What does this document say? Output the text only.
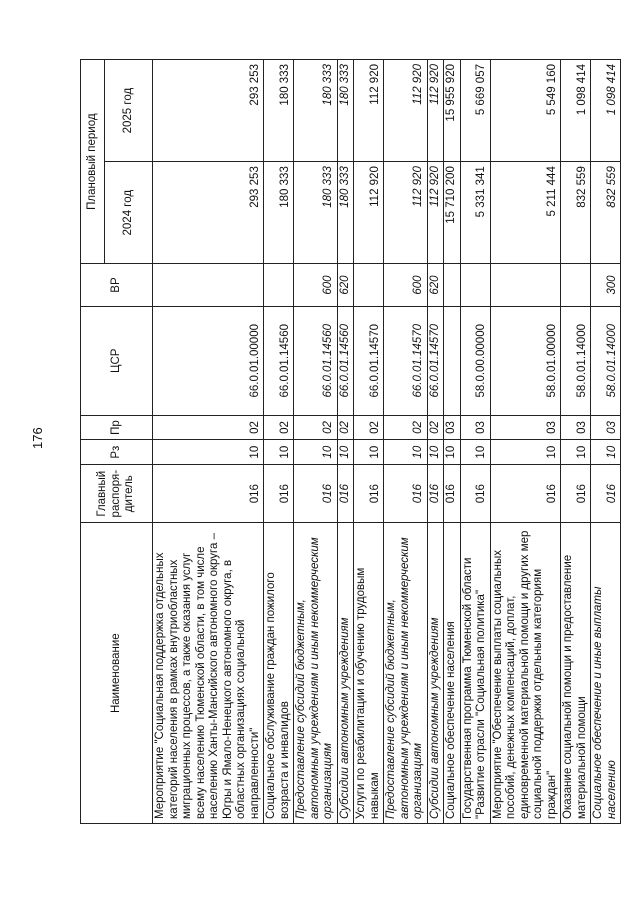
176
Наименование	Главный распоря-дитель	Рз	Пр	ЦСР	ВР	Плановый период	
						2024 год	2025 год
Мероприятие "Социальная поддержка отдельных категорий населения в рамках внутриобластных миграционных процессов, а также оказания услуг всему населению Тюменской области, в том числе населению Ханты-Мансийского автономного округа – Югры и Ямало-Ненецкого автономного округа, в областных организациях социальной направленности"	016	10	02	66.0.01.00000		293 253	293 253
Социальное обслуживание граждан пожилого возраста и инвалидов	016	10	02	66.0.01.14560		180 333	180 333
Предоставление субсидий бюджетным, автономным учреждениям и иным некоммерческим организациям	016	10	02	66.0.01.14560	600	180 333	180 333
Субсидии автономным учреждениям	016	10	02	66.0.01.14560	620	180 333	180 333
Услуги по реабилитации и обучению трудовым навыкам	016	10	02	66.0.01.14570		112 920	112 920
Предоставление субсидий бюджетным, автономным учреждениям и иным некоммерческим организациям	016	10	02	66.0.01.14570	600	112 920	112 920
Субсидии автономным учреждениям	016	10	02	66.0.01.14570	620	112 920	112 920
Социальное обеспечение населения	016	10	03			15 710 200	15 955 920
Государственная программа Тюменской области "Развитие отрасли "Социальная политика"	016	10	03	58.0.00.00000		5 331 341	5 669 057
Мероприятие "Обеспечение выплаты социальных пособий, денежных компенсаций, доплат, единовременной материальной помощи и других мер социальной поддержки отдельным категориям граждан"	016	10	03	58.0.01.00000		5 211 444	5 549 160
Оказание социальной помощи и предоставление материальной помощи	016	10	03	58.0.01.14000		832 559	1 098 414
Социальное обеспечение и иные выплаты населению	016	10	03	58.0.01.14000	300	832 559	1 098 414
